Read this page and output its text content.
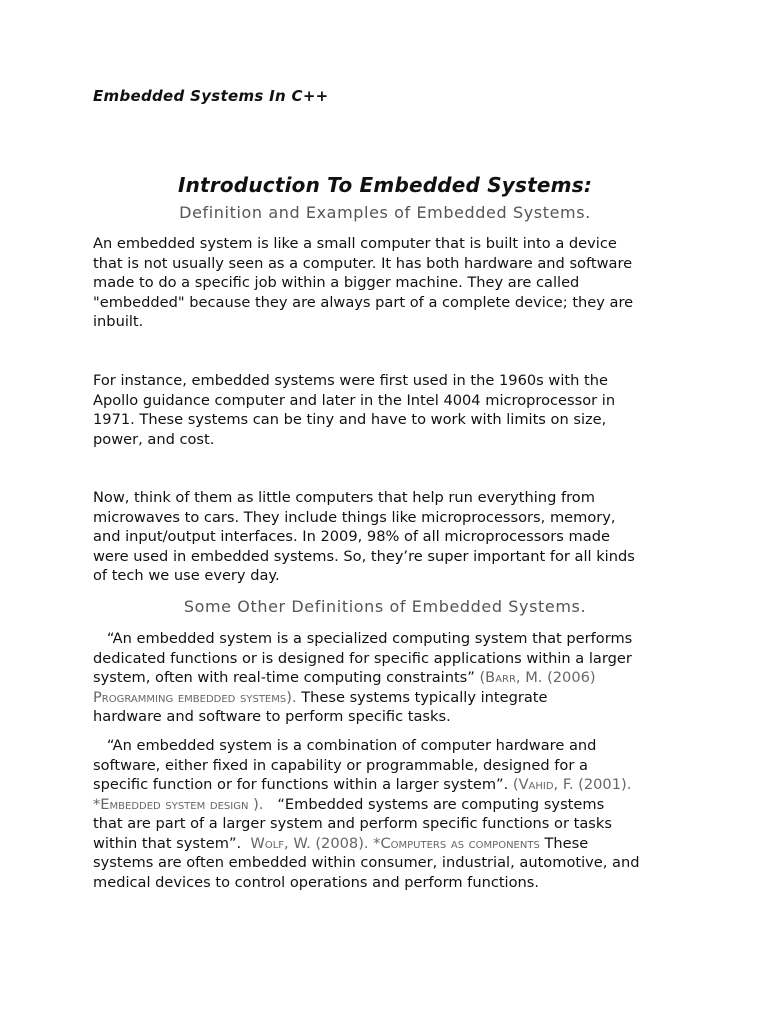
Embedded Systems In C++
Introduction To Embedded Systems:
Definition and Examples of Embedded Systems.
An embedded system is like a small computer that is built into a device
that is not usually seen as a computer. It has both hardware and software
made to do a specific job within a bigger machine. They are called
"embedded" because they are always part of a complete device; they are
inbuilt.
For instance, embedded systems were first used in the 1960s with the
Apollo guidance computer and later in the Intel 4004 microprocessor in
1971. These systems can be tiny and have to work with limits on size,
power, and cost.
Now, think of them as little computers that help run everything from
microwaves to cars. They include things like microprocessors, memory,
and input/output interfaces. In 2009, 98% of all microprocessors made
were used in embedded systems. So, they’re super important for all kinds
of tech we use every day.
Some Other Definitions of Embedded Systems.
“An embedded system is a specialized computing system that performs
dedicated functions or is designed for specific applications within a larger
system, often with real-time computing constraints” (Barr, M. (2006)
Programming embedded systems). These systems typically integrate
hardware and software to perform specific tasks.
“An embedded system is a combination of computer hardware and
software, either fixed in capability or programmable, designed for a
specific function or for functions within a larger system”. (Vahid, F. (2001).
*Embedded system design ).   “Embedded systems are computing systems
that are part of a larger system and perform specific functions or tasks
within that system”.  Wolf, W. (2008). *Computers as components These
systems are often embedded within consumer, industrial, automotive, and
medical devices to control operations and perform functions.
